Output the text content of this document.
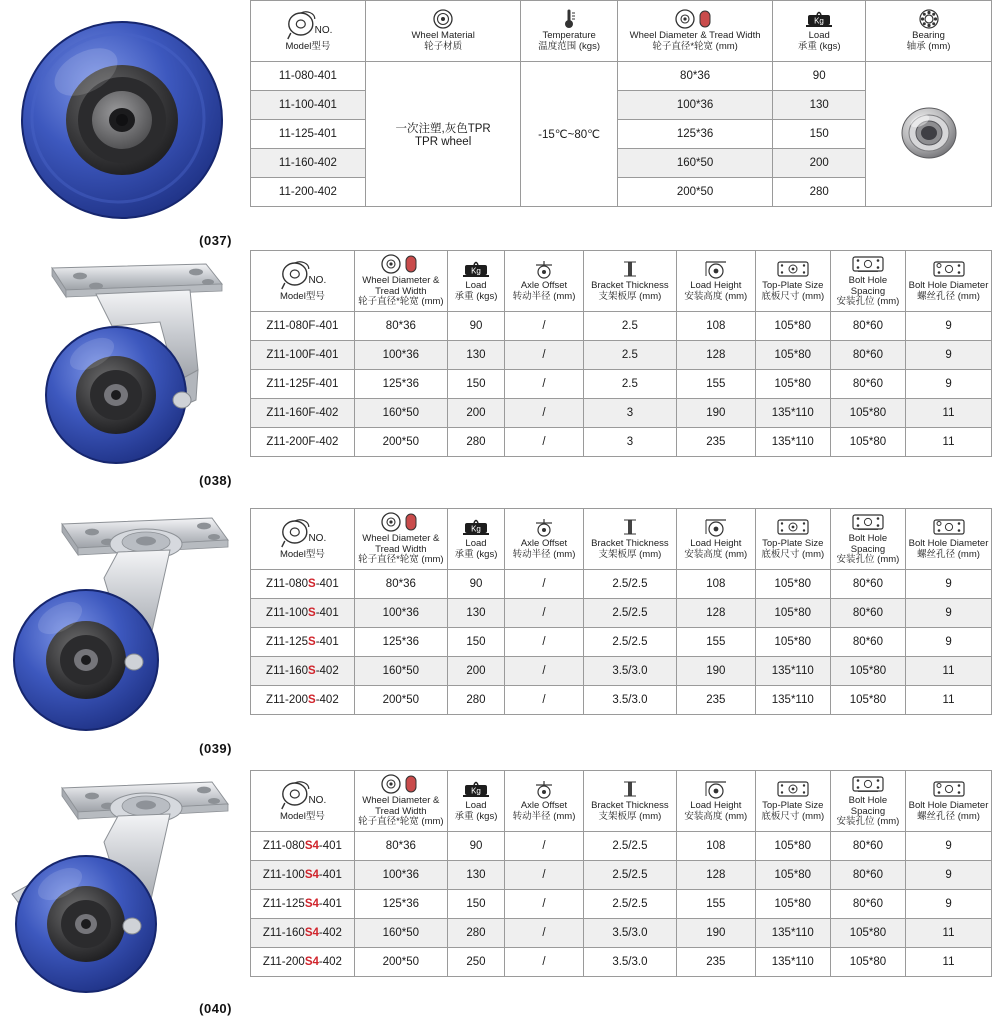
(037)
NO.
Model型号	Wheel Material
轮子材质	Temperature
温度范围 (kgs)	Wheel Diameter & Tread Width
轮子直径*轮宽 (mm)	Kg
Load
承重 (kgs)	Bearing
轴承 (mm)

11-080-401	一次注塑,灰色TPR
TPR wheel	-15℃~80℃	80*36	90	
11-100-401			100*36	130	
11-125-401			125*36	150	
11-160-402			160*50	200	
11-200-402			200*50	280	
(038)
NO.
Model型号	Wheel Diameter & Tread Width
轮子直径*轮宽 (mm)	Kg
Load
承重 (kgs)	Axle Offset
转动半径 (mm)	Bracket Thickness
支架板厚 (mm)	Load Height
安装高度 (mm)	Top-Plate Size
底板尺寸 (mm)	Bolt Hole Spacing
安装孔位 (mm)	Bolt Hole Diameter
螺丝孔径 (mm)

Z11-080F-401	80*36	90	/	2.5	108	105*80	80*60	9
Z11-100F-401	100*36	130	/	2.5	128	105*80	80*60	9
Z11-125F-401	125*36	150	/	2.5	155	105*80	80*60	9
Z11-160F-402	160*50	200	/	3	190	135*110	105*80	11
Z11-200F-402	200*50	280	/	3	235	135*110	105*80	11
(039)
NO.
Model型号	Wheel Diameter & Tread Width
轮子直径*轮宽 (mm)	Kg
Load
承重 (kgs)	Axle Offset
转动半径 (mm)	Bracket Thickness
支架板厚 (mm)	Load Height
安装高度 (mm)	Top-Plate Size
底板尺寸 (mm)	Bolt Hole Spacing
安装孔位 (mm)	Bolt Hole Diameter
螺丝孔径 (mm)

Z11-080S-401	80*36	90	/	2.5/2.5	108	105*80	80*60	9
Z11-100S-401	100*36	130	/	2.5/2.5	128	105*80	80*60	9
Z11-125S-401	125*36	150	/	2.5/2.5	155	105*80	80*60	9
Z11-160S-402	160*50	200	/	3.5/3.0	190	135*110	105*80	11
Z11-200S-402	200*50	280	/	3.5/3.0	235	135*110	105*80	11
(040)
NO.
Model型号	Wheel Diameter & Tread Width
轮子直径*轮宽 (mm)	Kg
Load
承重 (kgs)	Axle Offset
转动半径 (mm)	Bracket Thickness
支架板厚 (mm)	Load Height
安装高度 (mm)	Top-Plate Size
底板尺寸 (mm)	Bolt Hole Spacing
安装孔位 (mm)	Bolt Hole Diameter
螺丝孔径 (mm)

Z11-080S4-401	80*36	90	/	2.5/2.5	108	105*80	80*60	9
Z11-100S4-401	100*36	130	/	2.5/2.5	128	105*80	80*60	9
Z11-125S4-401	125*36	150	/	2.5/2.5	155	105*80	80*60	9
Z11-160S4-402	160*50	280	/	3.5/3.0	190	135*110	105*80	11
Z11-200S4-402	200*50	250	/	3.5/3.0	235	135*110	105*80	11
